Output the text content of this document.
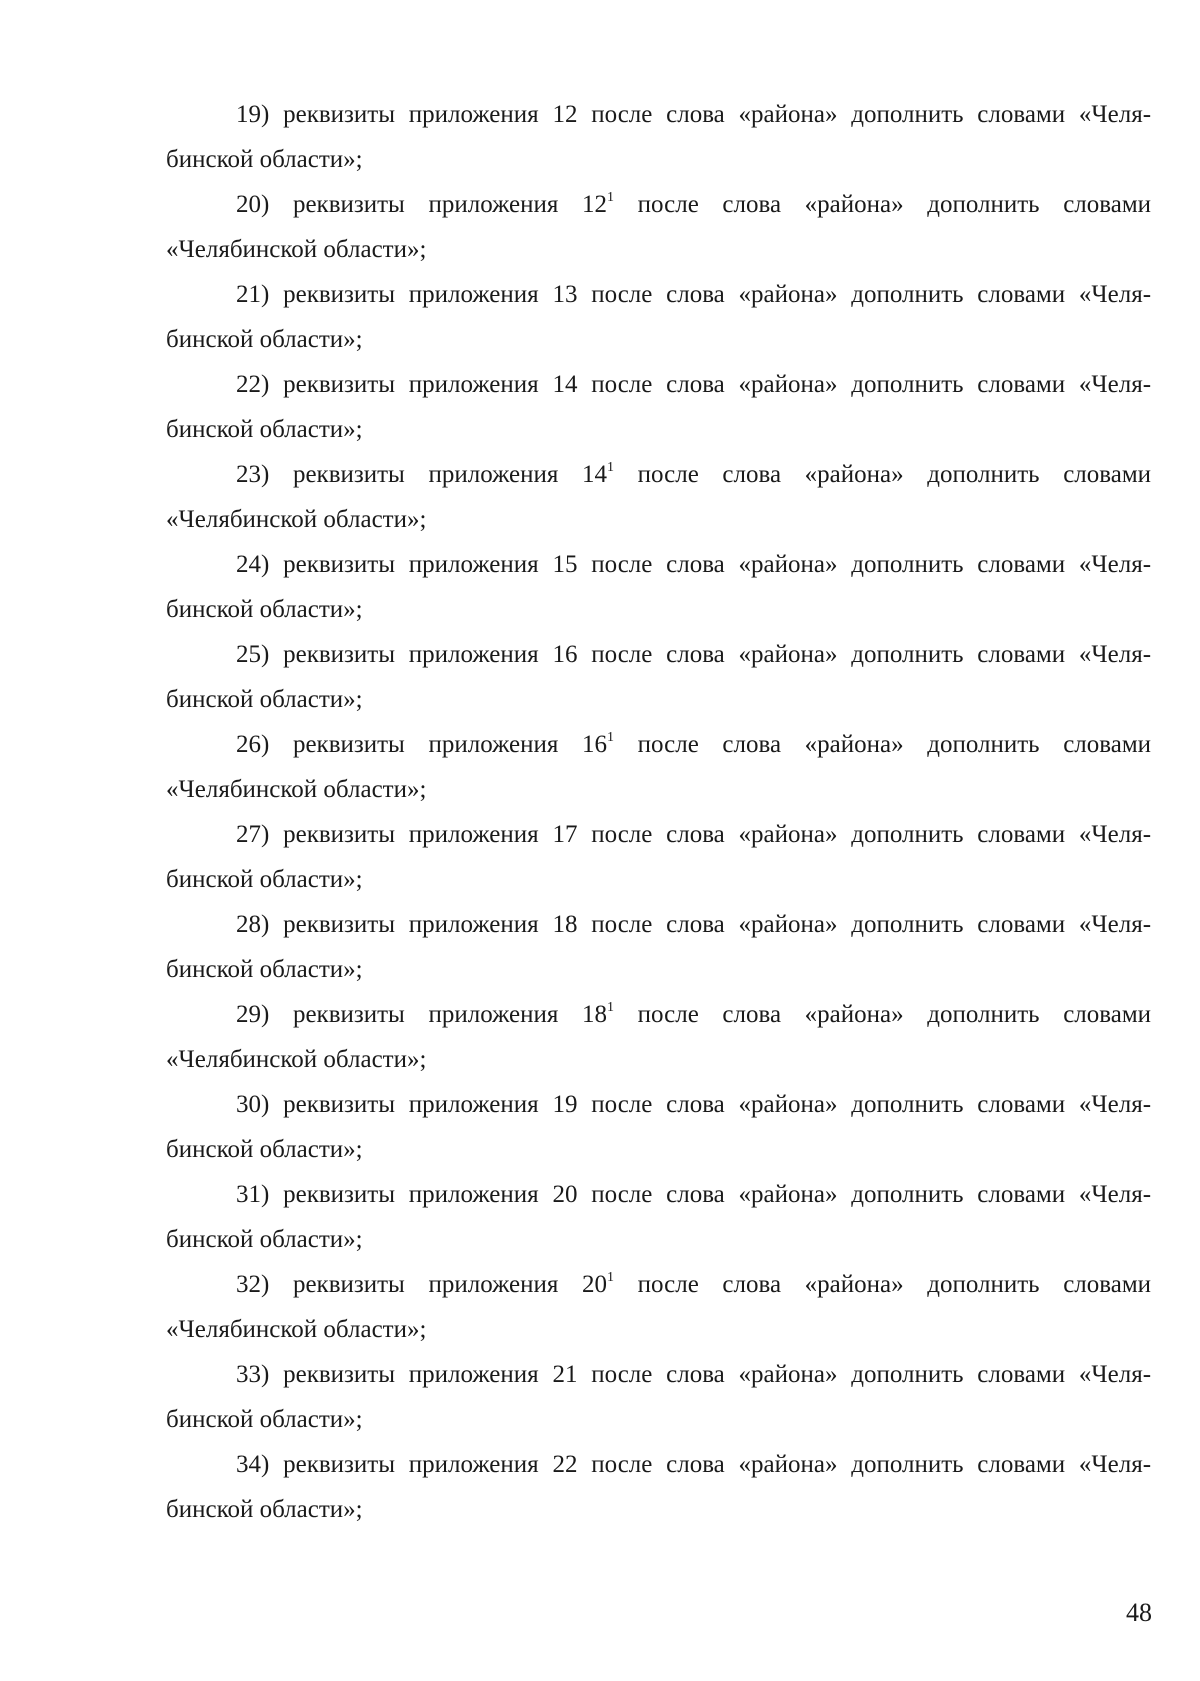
19) реквизиты приложения 12 после слова «района» дополнить словами «Челя-
бинской области»;
20) реквизиты приложения $12^1$ после слова «района» дополнить словами
«Челябинской области»;
21) реквизиты приложения 13 после слова «района» дополнить словами «Челя-
бинской области»;
22) реквизиты приложения 14 после слова «района» дополнить словами «Челя-
бинской области»;
23) реквизиты приложения $14^1$ после слова «района» дополнить словами
«Челябинской области»;
24) реквизиты приложения 15 после слова «района» дополнить словами «Челя-
бинской области»;
25) реквизиты приложения 16 после слова «района» дополнить словами «Челя-
бинской области»;
26) реквизиты приложения $16^1$ после слова «района» дополнить словами
«Челябинской области»;
27) реквизиты приложения 17 после слова «района» дополнить словами «Челя-
бинской области»;
28) реквизиты приложения 18 после слова «района» дополнить словами «Челя-
бинской области»;
29) реквизиты приложения $18^1$ после слова «района» дополнить словами
«Челябинской области»;
30) реквизиты приложения 19 после слова «района» дополнить словами «Челя-
бинской области»;
31) реквизиты приложения 20 после слова «района» дополнить словами «Челя-
бинской области»;
32) реквизиты приложения $20^1$ после слова «района» дополнить словами
«Челябинской области»;
33) реквизиты приложения 21 после слова «района» дополнить словами «Челя-
бинской области»;
34) реквизиты приложения 22 после слова «района» дополнить словами «Челя-
бинской области»;
48
